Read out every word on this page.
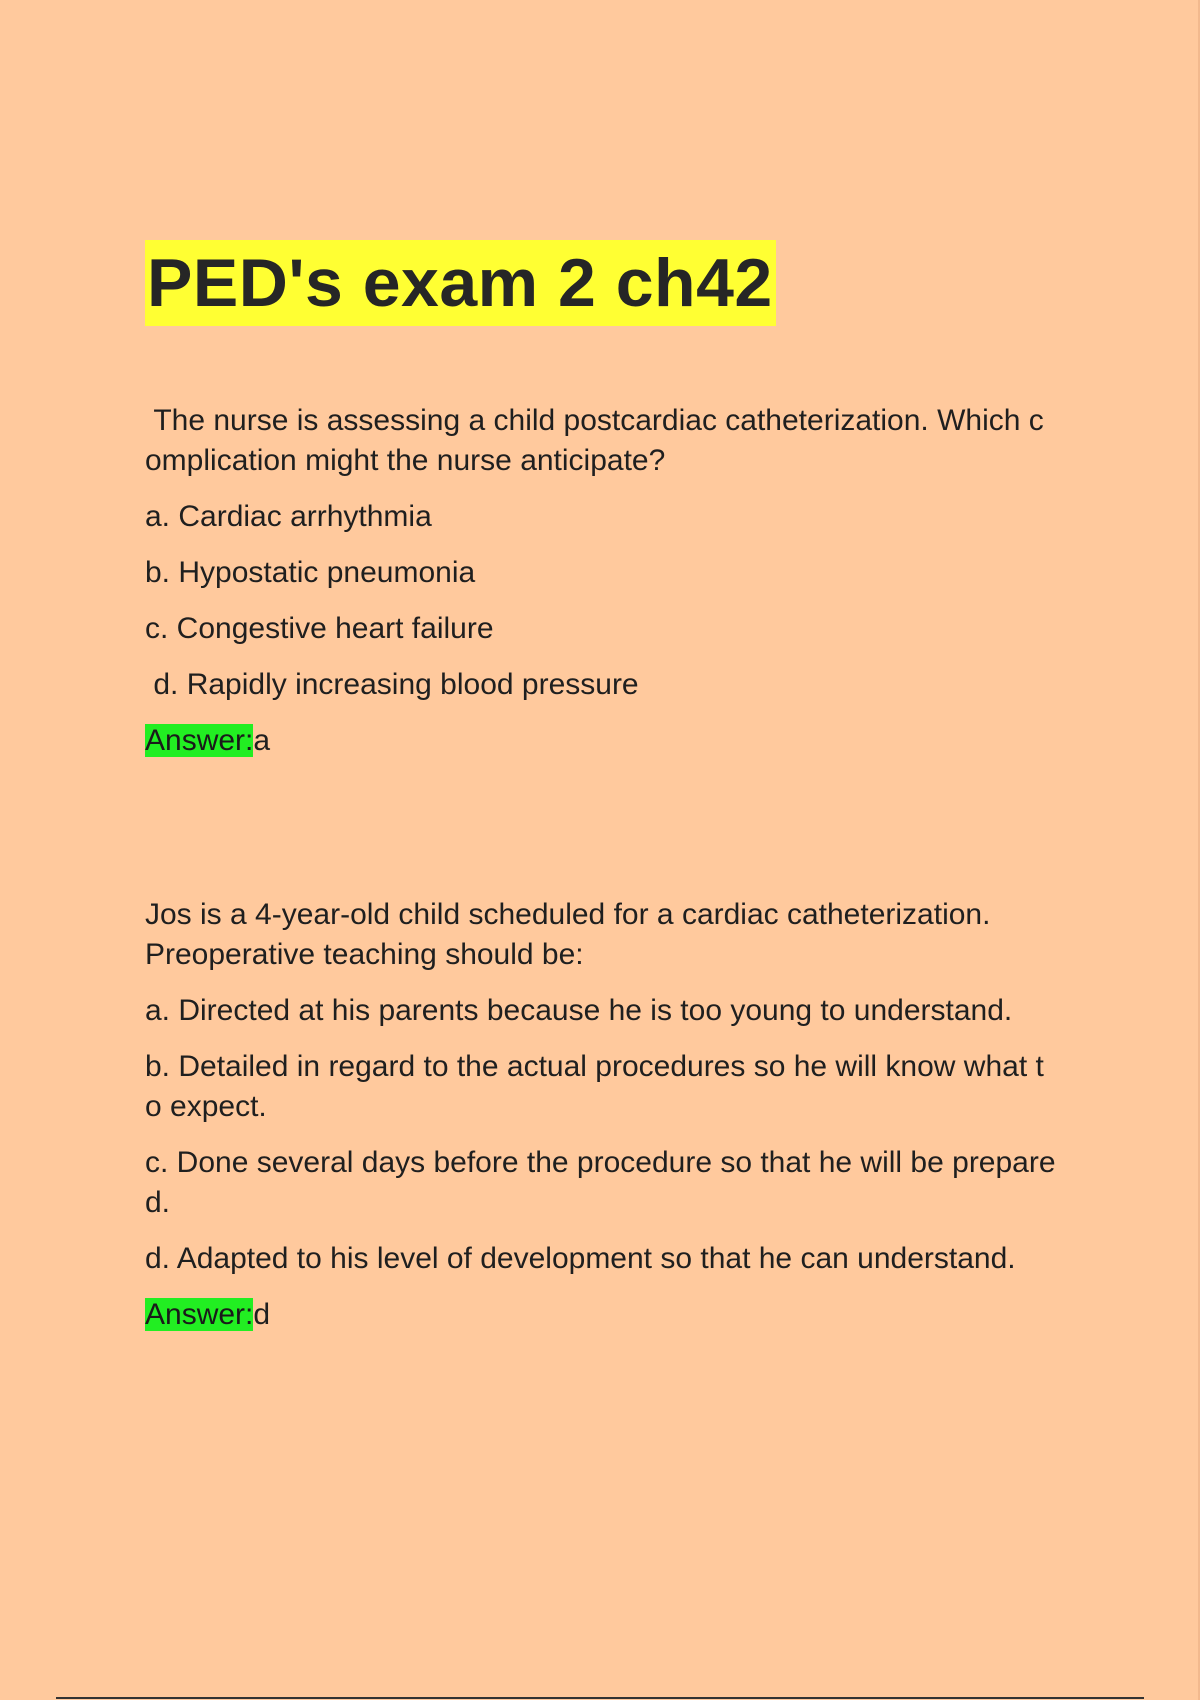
PED's exam 2 ch42

The nurse is assessing a child postcardiac catheterization. Which complication might the nurse anticipate?

a. Cardiac arrhythmia

b. Hypostatic pneumonia

c. Congestive heart failure

d. Rapidly increasing blood pressure

Answer:a

Jos is a 4-year-old child scheduled for a cardiac catheterization. Preoperative teaching should be:

a. Directed at his parents because he is too young to understand.

b. Detailed in regard to the actual procedures so he will know what to expect.

c. Done several days before the procedure so that he will be prepared.

d. Adapted to his level of development so that he can understand.

Answer:d
